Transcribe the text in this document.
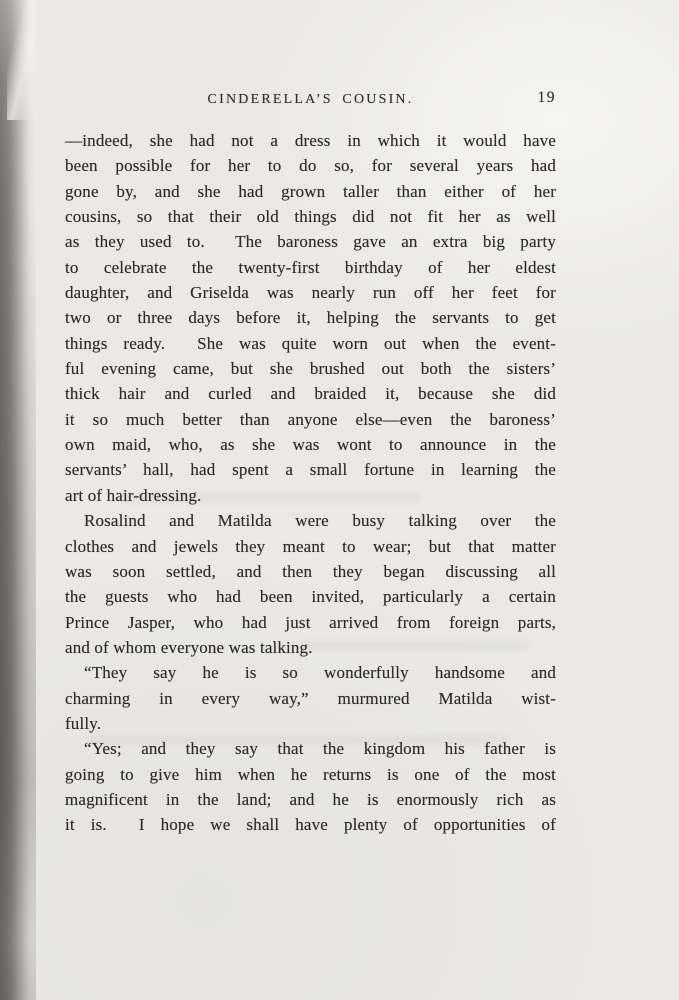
CINDERELLA’S COUSIN.	19
––indeed, she had not a dress in which it would have
been possible for her to do so, for several years had
gone by, and she had grown taller than either of her
cousins, so that their old things did not fit her as well
as they used to.  The baroness gave an extra big party
to celebrate the twenty-first birthday of her eldest
daughter, and Griselda was nearly run off her feet for
two or three days before it, helping the servants to get
things ready.  She was quite worn out when the event-
ful evening came, but she brushed out both the sisters’
thick hair and curled and braided it, because she did
it so much better than anyone else—even the baroness’
own maid, who, as she was wont to announce in the
servants’ hall, had spent a small fortune in learning the
art of hair-dressing.
Rosalind and Matilda were busy talking over the
clothes and jewels they meant to wear; but that matter
was soon settled, and then they began discussing all
the guests who had been invited, particularly a certain
Prince Jasper, who had just arrived from foreign parts,
and of whom everyone was talking.
“They say he is so wonderfully handsome and
charming in every way,” murmured Matilda wist-
fully.
“Yes; and they say that the kingdom his father is
going to give him when he returns is one of the most
magnificent in the land; and he is enormously rich as
it is.  I hope we shall have plenty of opportunities of
